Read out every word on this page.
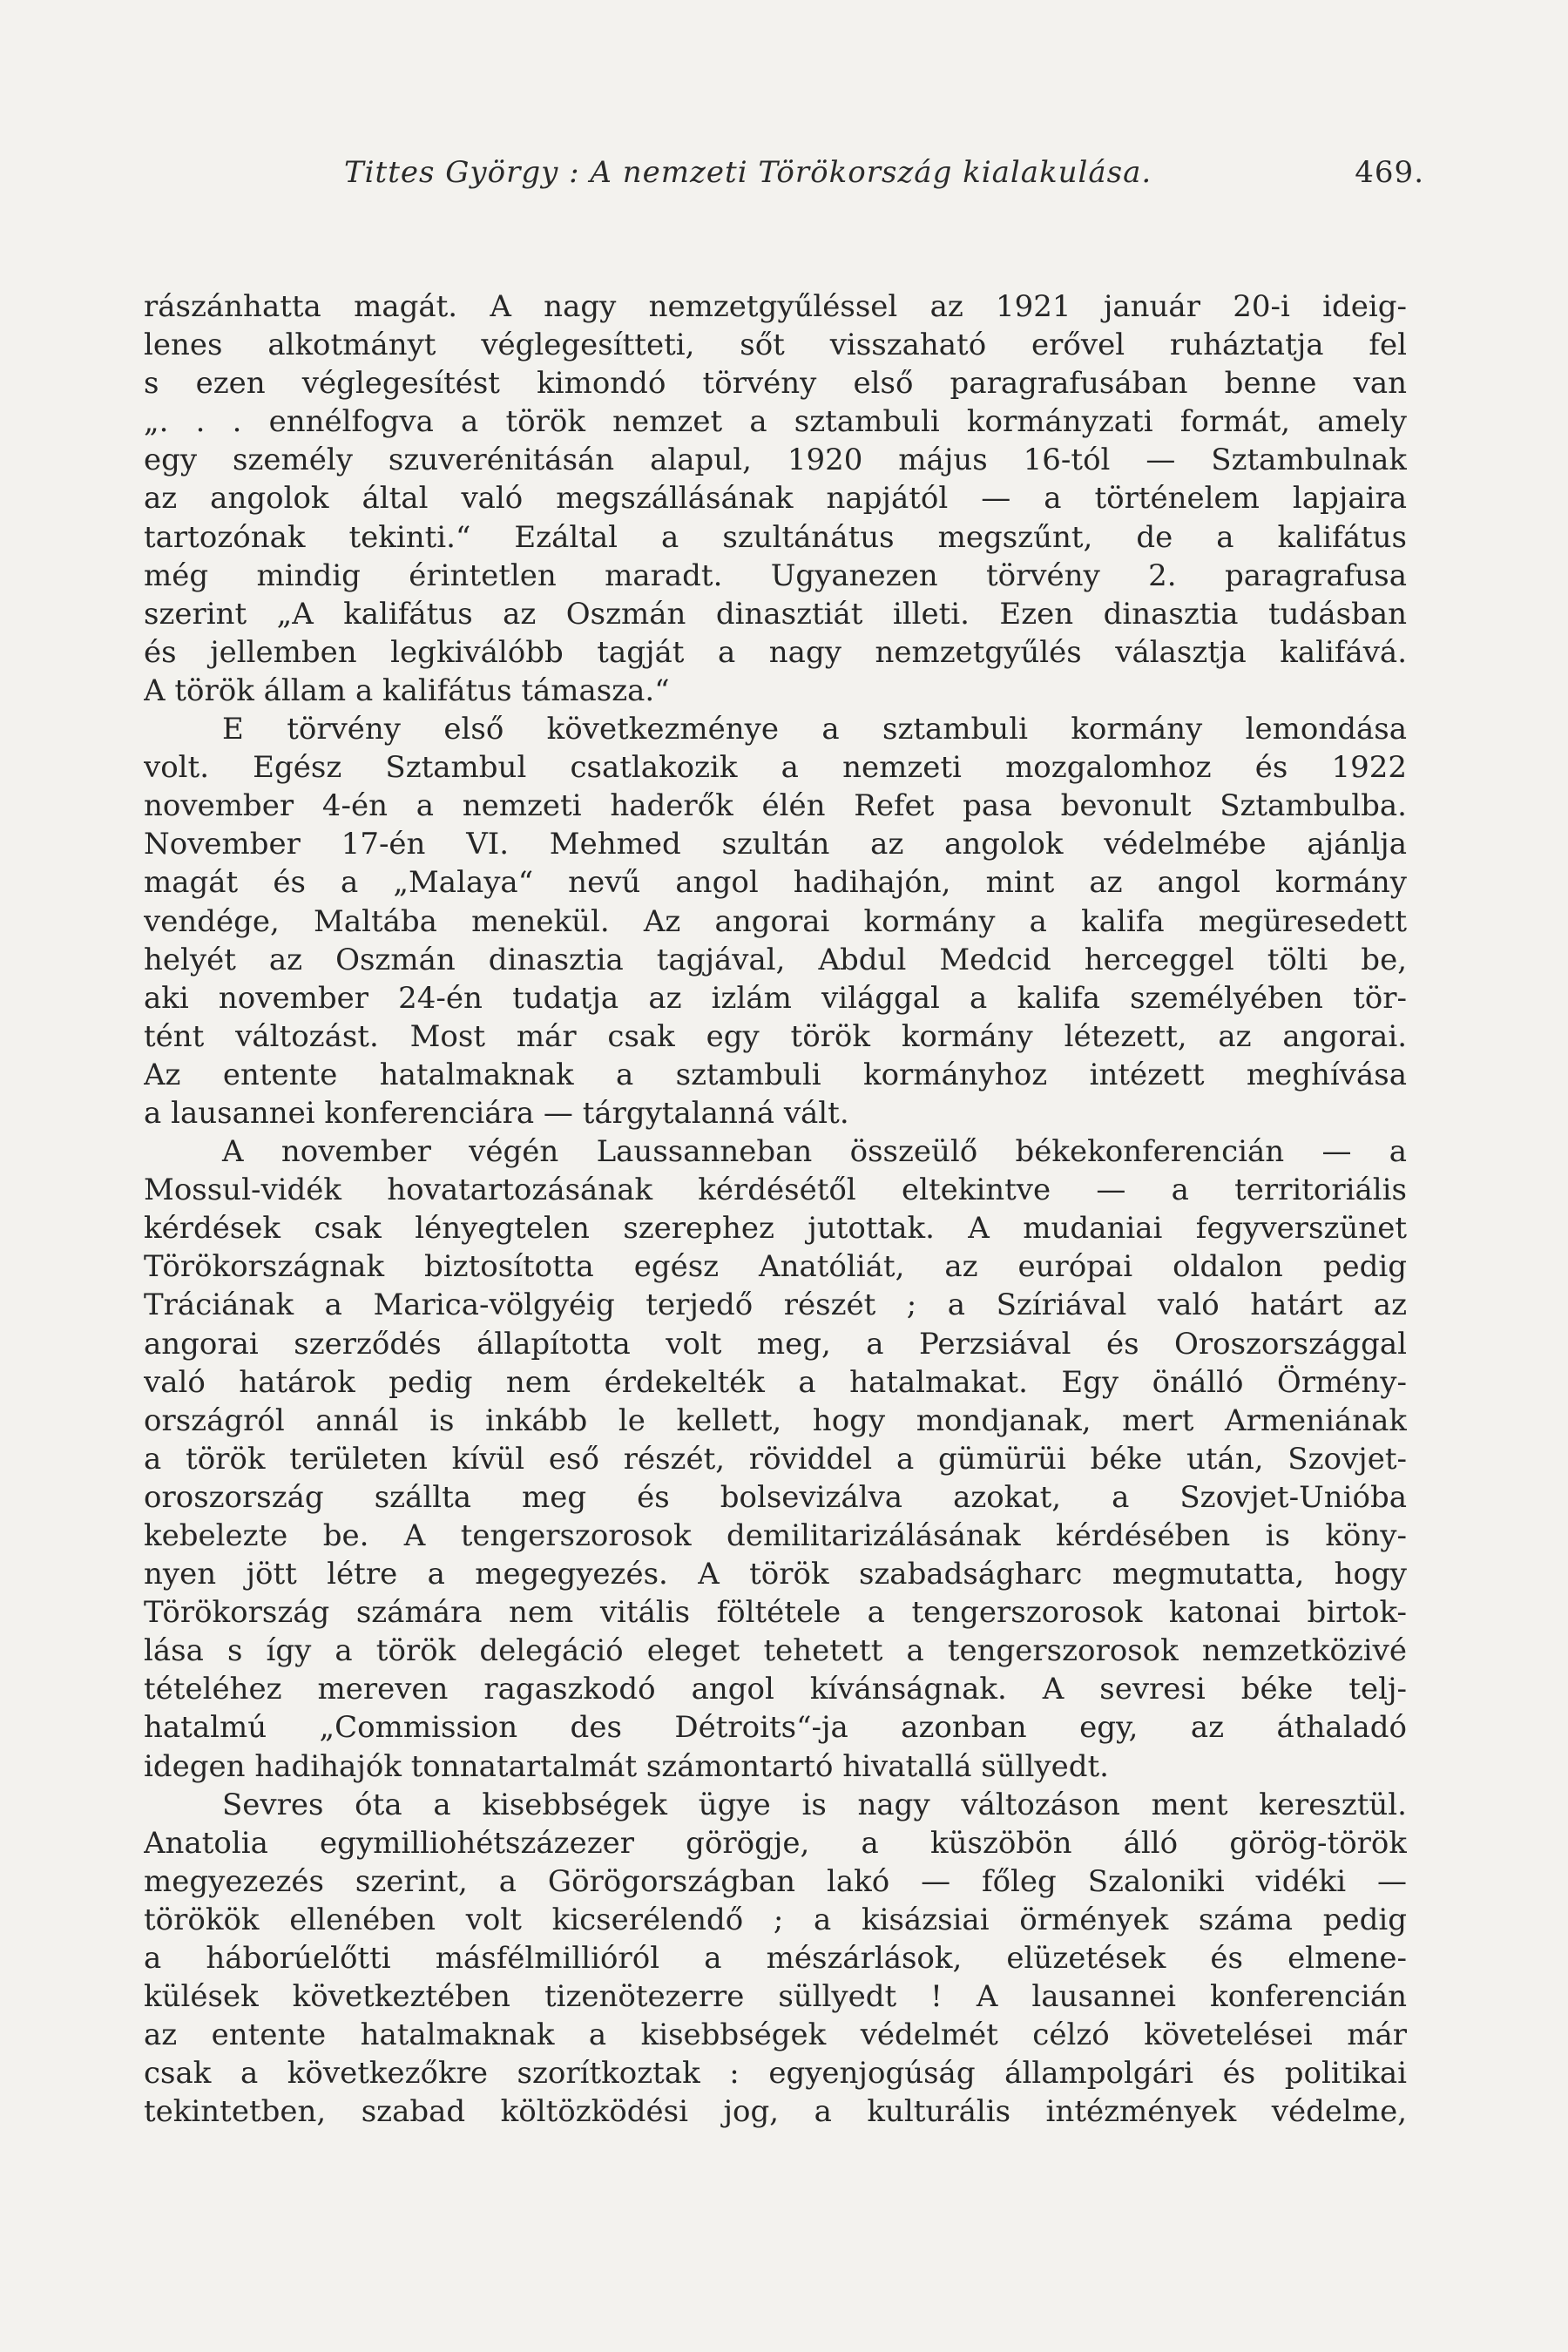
Tittes György : A nemzeti Törökország kialakulása.	469.
rászánhatta magát. A nagy nemzetgyűléssel az 1921 január 20-i ideig-
lenes alkotmányt véglegesítteti, sőt visszaható erővel ruháztatja fel
s ezen véglegesítést kimondó törvény első paragrafusában benne van
„. . . ennélfogva a török nemzet a sztambuli kormányzati formát, amely
egy személy szuverénitásán alapul, 1920 május 16-tól — Sztambulnak
az angolok által való megszállásának napjától — a történelem lapjaira
tartozónak tekinti.“ Ezáltal a szultánátus megszűnt, de a kalifátus
még mindig érintetlen maradt. Ugyanezen törvény 2. paragrafusa
szerint „A kalifátus az Oszmán dinasztiát illeti. Ezen dinasztia tudásban
és jellemben legkiválóbb tagját a nagy nemzetgyűlés választja kalifává.
A török állam a kalifátus támasza.“
E törvény első következménye a sztambuli kormány lemondása
volt. Egész Sztambul csatlakozik a nemzeti mozgalomhoz és 1922
november 4-én a nemzeti haderők élén Refet pasa bevonult Sztambulba.
November 17-én VI. Mehmed szultán az angolok védelmébe ajánlja
magát és a „Malaya“ nevű angol hadihajón, mint az angol kormány
vendége, Maltába menekül. Az angorai kormány a kalifa megüresedett
helyét az Oszmán dinasztia tagjával, Abdul Medcid herceggel tölti be,
aki november 24-én tudatja az izlám világgal a kalifa személyében tör-
tént változást. Most már csak egy török kormány létezett, az angorai.
Az entente hatalmaknak a sztambuli kormányhoz intézett meghívása
a lausannei konferenciára — tárgytalanná vált.
A november végén Laussanneban összeülő békekonferencián — a
Mossul-vidék hovatartozásának kérdésétől eltekintve — a territoriális
kérdések csak lényegtelen szerephez jutottak. A mudaniai fegyverszünet
Törökországnak biztosította egész Anatóliát, az európai oldalon pedig
Tráciának a Marica-völgyéig terjedő részét ; a Szíriával való határt az
angorai szerződés állapította volt meg, a Perzsiával és Oroszországgal
való határok pedig nem érdekelték a hatalmakat. Egy önálló Örmény-
országról annál is inkább le kellett, hogy mondjanak, mert Armeniának
a török területen kívül eső részét, röviddel a gümürüi béke után, Szovjet-
oroszország szállta meg és bolsevizálva azokat, a Szovjet-Unióba
kebelezte be. A tengerszorosok demilitarizálásának kérdésében is köny-
nyen jött létre a megegyezés. A török szabadságharc megmutatta, hogy
Törökország számára nem vitális föltétele a tengerszorosok katonai birtok-
lása s így a török delegáció eleget tehetett a tengerszorosok nemzetközivé
tételéhez mereven ragaszkodó angol kívánságnak. A sevresi béke telj-
hatalmú „Commission des Détroits“-ja azonban egy, az áthaladó
idegen hadihajók tonnatartalmát számontartó hivatallá süllyedt.
Sevres óta a kisebbségek ügye is nagy változáson ment keresztül.
Anatolia egymilliohétszázezer görögje, a küszöbön álló görög-török
megyezezés szerint, a Görögországban lakó — főleg Szaloniki vidéki —
törökök ellenében volt kicserélendő ; a kisázsiai örmények száma pedig
a háborúelőtti másfélmillióról a mészárlások, elüzetések és elmene-
külések következtében tizenötezerre süllyedt ! A lausannei konferencián
az entente hatalmaknak a kisebbségek védelmét célzó követelései már
csak a következőkre szorítkoztak : egyenjogúság állampolgári és politikai
tekintetben, szabad költözködési jog, a kulturális intézmények védelme,
